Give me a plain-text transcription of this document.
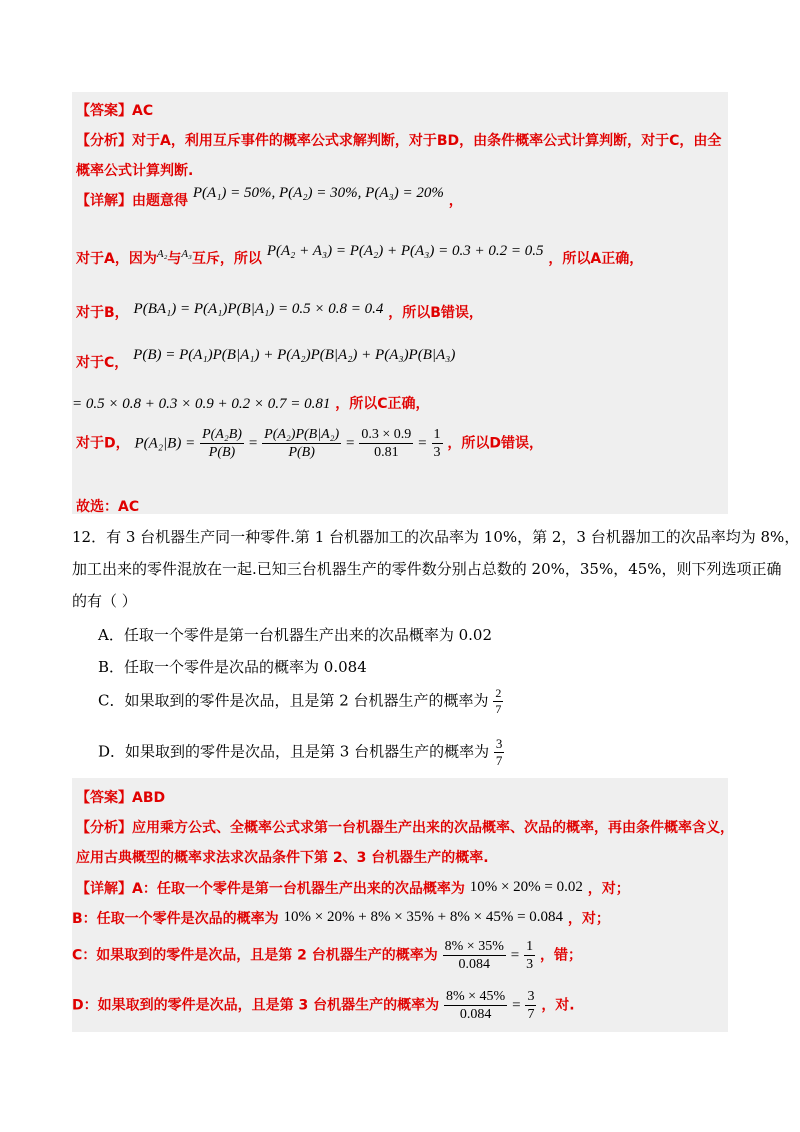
【答案】AC
【分析】对于A，利用互斥事件的概率公式求解判断，对于BD，由条件概率公式计算判断，对于C，由全
概率公式计算判断.
【详解】由题意得 P(A₁) = 50%, P(A₂) = 30%, P(A₃) = 20% ，
对于A，因为$^{A_2}$与$^{A_3}$互斥，所以 P(A₂ + A₃) = P(A₂) + P(A₃) = 0.3 + 0.2 = 0.5 ，所以A正确，
对于B， P(BA₁) = P(A₁)P(B|A₁) = 0.5 × 0.8 = 0.4 ，所以B错误，
对于C， P(B) = P(A₁)P(B|A₁) + P(A₂)P(B|A₂) + P(A₃)P(B|A₃)
= 0.5 × 0.8 + 0.3 × 0.9 + 0.2 × 0.7 = 0.81 ，所以C正确，
对于D， $P(A_2|B) = \frac{\text{P(A₂B)}}{P(B)} = \frac{\text{P(A₂)P(B|A₂)}}{P(B)} = \frac{0.3 \times 0.9}{0.81} = \frac{1}{3}$ ，所以D错误，
故选：AC
12．有 3 台机器生产同一种零件.第 1 台机器加工的次品率为 10%，第 2，3 台机器加工的次品率均为 8%，
加工出来的零件混放在一起.已知三台机器生产的零件数分别占总数的 20%，35%，45%，则下列选项正确
的有（ ）
A．任取一个零件是第一台机器生产出来的次品概率为 0.02
B．任取一个零件是次品的概率为 0.084
C．如果取到的零件是次品，且是第 2 台机器生产的概率为 $\frac{2}{7}$
D．如果取到的零件是次品，且是第 3 台机器生产的概率为 $\frac{3}{7}$
【答案】ABD
【分析】应用乘方公式、全概率公式求第一台机器生产出来的次品概率、次品的概率，再由条件概率含义，
应用古典概型的概率求法求次品条件下第 2、3 台机器生产的概率.
【详解】A：任取一个零件是第一台机器生产出来的次品概率为 10% × 20% = 0.02 ，对；
B：任取一个零件是次品的概率为 10% × 20% + 8% × 35% + 8% × 45% = 0.084 ，对；
C：如果取到的零件是次品，且是第 2 台机器生产的概率为 $\frac{8\% \times 35\%}{0.084} = \frac{1}{3}$ ，错；
D：如果取到的零件是次品，且是第 3 台机器生产的概率为 $\frac{8\% \times 45\%}{0.084} = \frac{3}{7}$ ，对.
